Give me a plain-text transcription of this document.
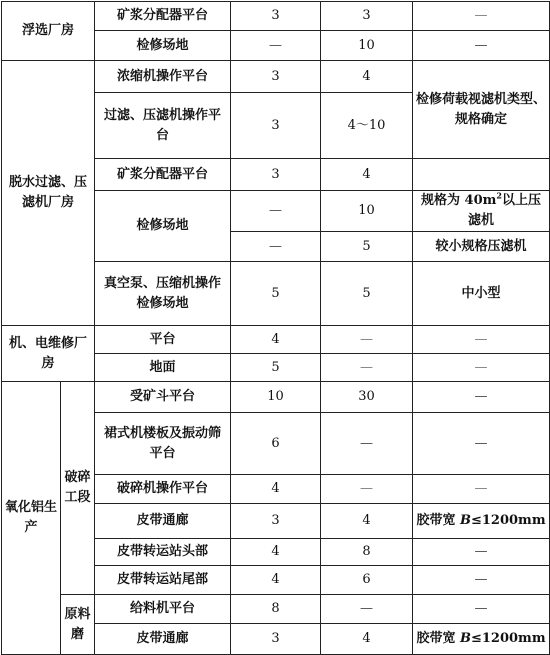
浮选厂房		矿浆分配器平台	3	3	—
		检修场地	—	10	—
脱水过滤、压滤机厂房		浓缩机操作平台	3	4	检修荷载视滤机类型、规格确定
		过滤、压滤机操作平台	3	4～10	
		矿浆分配器平台	3	4	
		检修场地	—	10	规格为 $40m^2$以上压滤机
			—	5	较小规格压滤机
		真空泵、压缩机操作检修场地	5	5	中小型
机、电维修厂房		平台	4	—	—
		地面	5	—	—
氧化铝生产	破碎工段	受矿斗平台	10	30	—
		裙式机楼板及振动筛平台	6	—	—
		破碎机操作平台	4	—	—
		皮带通廊	3	4	胶带宽 B≤1200mm
		皮带转运站头部	4	8	—
		皮带转运站尾部	4	6	—
	原料磨	给料机平台	8	—	—
		皮带通廊	3	4	胶带宽 B≤1200mm
